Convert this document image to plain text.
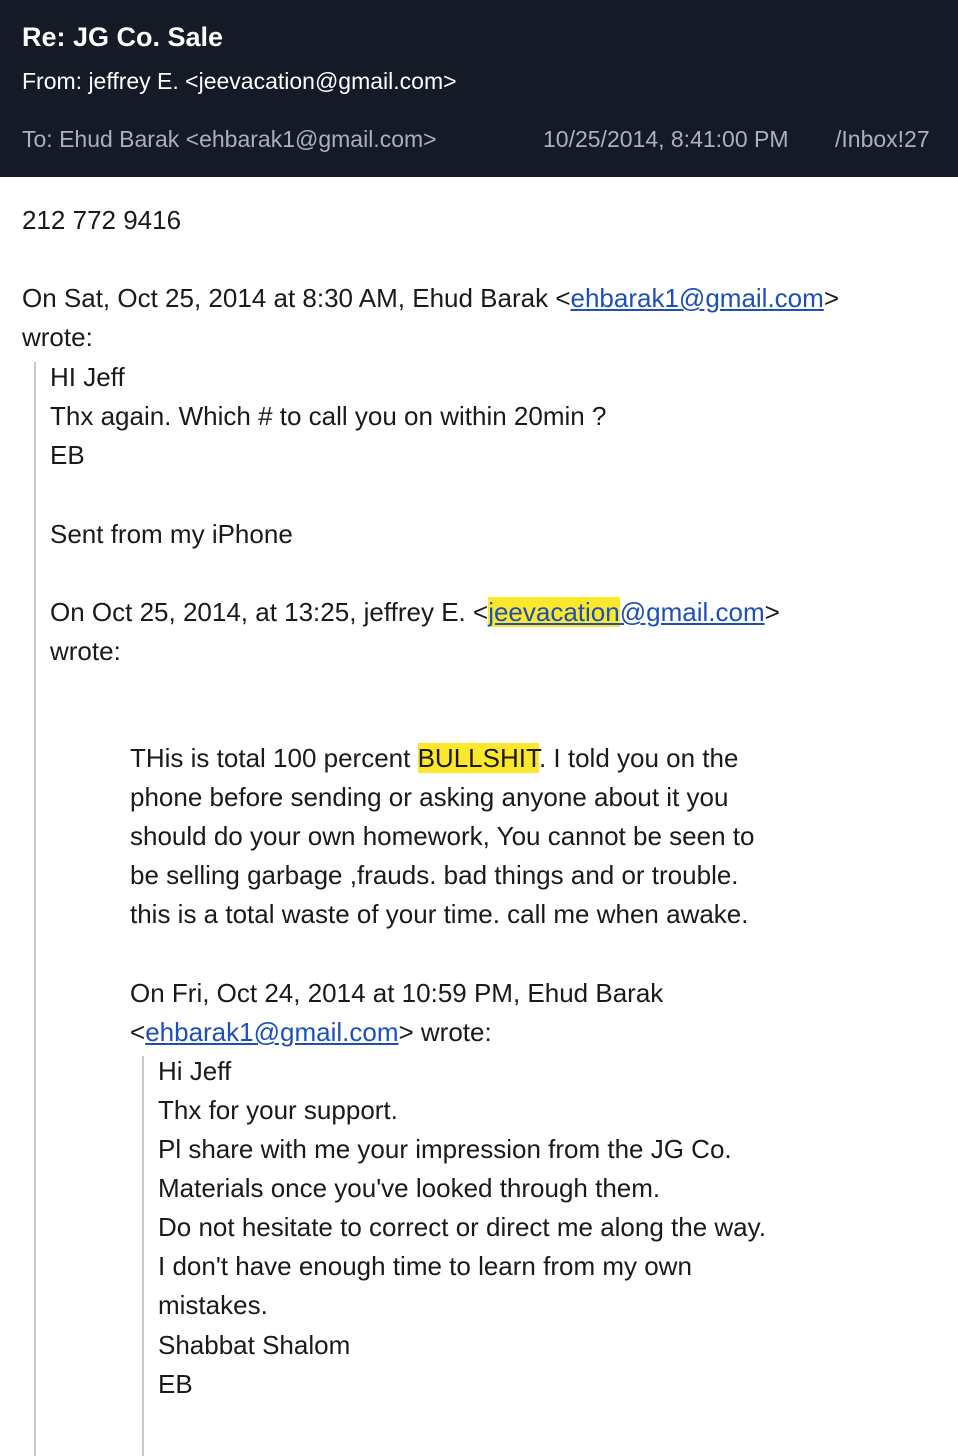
Re: JG Co. Sale
From: jeffrey E. <jeevacation@gmail.com>
To: Ehud Barak <ehbarak1@gmail.com>	10/25/2014, 8:41:00 PM /Inbox!27
212 772 9416
On Sat, Oct 25, 2014 at 8:30 AM, Ehud Barak <ehbarak1@gmail.com>
wrote:
HI Jeff
Thx again. Which # to call you on within 20min ?
EB
Sent from my iPhone
On Oct 25, 2014, at 13:25, jeffrey E. <jeevacation@gmail.com>
wrote:
THis is total 100 percent BULLSHIT. I told you on the
phone before sending or asking anyone about it you
should do your own homework, You cannot be seen to
be selling garbage ,frauds. bad things and or trouble.
this is a total waste of your time. call me when awake.
On Fri, Oct 24, 2014 at 10:59 PM, Ehud Barak
<ehbarak1@gmail.com> wrote:
Hi Jeff
Thx for your support.
Pl share with me your impression from the JG Co.
Materials once you've looked through them.
Do not hesitate to correct or direct me along the way.
I don't have enough time to learn from my own
mistakes.
Shabbat Shalom
EB
